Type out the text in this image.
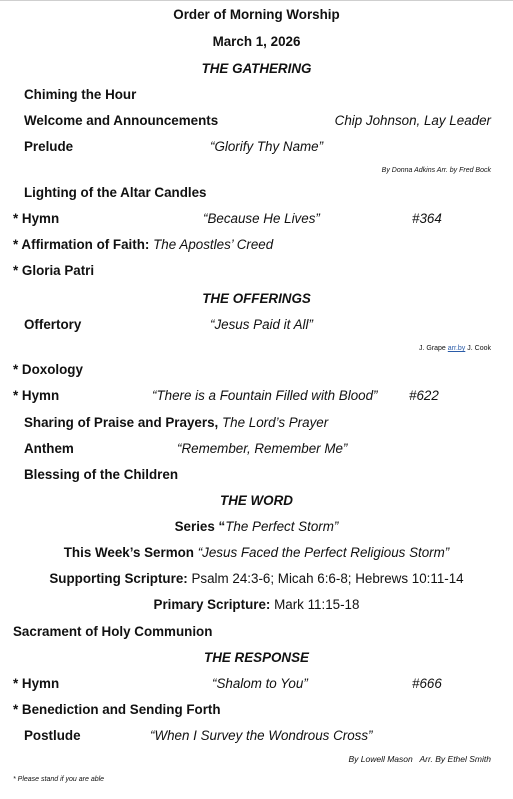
Order of Morning Worship
March 1, 2026
THE GATHERING
Chiming the Hour
Welcome and Announcements	Chip Johnson, Lay Leader
Prelude	“Glorify Thy Name”
By Donna Adkins Arr. by Fred Bock
Lighting of the Altar Candles
* Hymn	“Because He Lives”	#364
* Affirmation of Faith: The Apostles’ Creed
* Gloria Patri
THE OFFERINGS
Offertory	“Jesus Paid it All”
J. Grape arr.by J. Cook
* Doxology
* Hymn	“There is a Fountain Filled with Blood” #622
Sharing of Praise and Prayers, The Lord’s Prayer
Anthem	“Remember, Remember Me”
Blessing of the Children
THE WORD
Series “The Perfect Storm”
This Week’s Sermon “Jesus Faced the Perfect Religious Storm”
Supporting Scripture: Psalm 24:3-6; Micah 6:6-8; Hebrews 10:11-14
Primary Scripture: Mark 11:15-18
Sacrament of Holy Communion
THE RESPONSE
* Hymn	“Shalom to You”	#666
* Benediction and Sending Forth
Postlude	“When I Survey the Wondrous Cross”
By Lowell Mason   Arr. By Ethel Smith
* Please stand if you are able
